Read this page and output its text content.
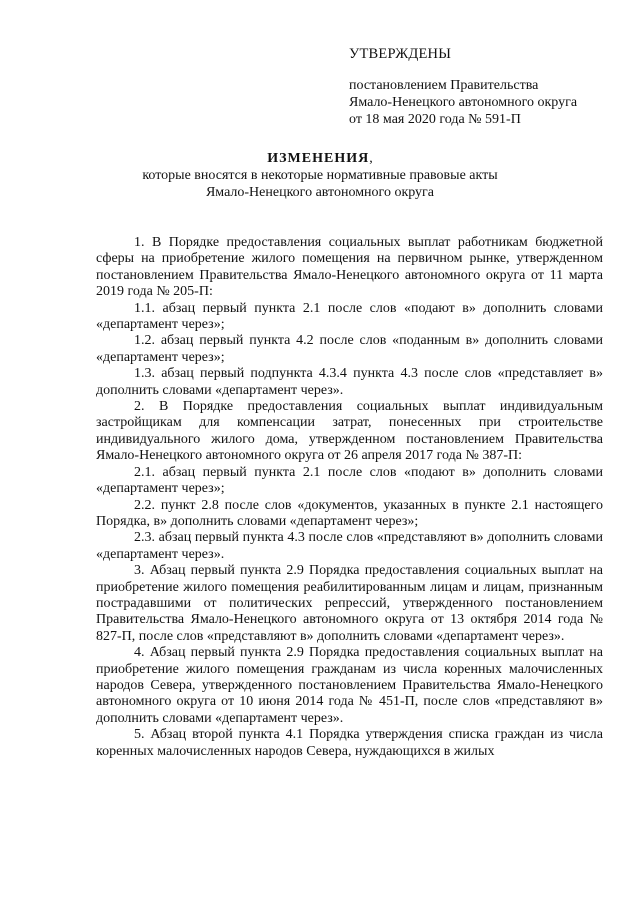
УТВЕРЖДЕНЫ
постановлением Правительства
Ямало-Ненецкого автономного округа
от 18 мая 2020 года № 591-П
ИЗМЕНЕНИЯ,
которые вносятся в некоторые нормативные правовые акты
Ямало-Ненецкого автономного округа

1. В Порядке предоставления социальных выплат работникам бюджетной сферы на приобретение жилого помещения на первичном рынке, утвержденном постановлением Правительства Ямало-Ненецкого автономного округа от 11 марта 2019 года № 205-П:

1.1. абзац первый пункта 2.1 после слов «подают в» дополнить словами «департамент через»;

1.2. абзац первый пункта 4.2 после слов «поданным в» дополнить словами «департамент через»;

1.3. абзац первый подпункта 4.3.4 пункта 4.3 после слов «представляет в» дополнить словами «департамент через».

2. В Порядке предоставления социальных выплат индивидуальным застройщикам для компенсации затрат, понесенных при строительстве индивидуального жилого дома, утвержденном постановлением Правительства Ямало-Ненецкого автономного округа от 26 апреля 2017 года № 387-П:

2.1. абзац первый пункта 2.1 после слов «подают в» дополнить словами «департамент через»;

2.2. пункт 2.8 после слов «документов, указанных в пункте 2.1 настоящего Порядка, в» дополнить словами «департамент через»;

2.3. абзац первый пункта 4.3 после слов «представляют в» дополнить словами «департамент через».

3. Абзац первый пункта 2.9 Порядка предоставления социальных выплат на приобретение жилого помещения реабилитированным лицам и лицам, признанным пострадавшими от политических репрессий, утвержденного постановлением Правительства Ямало-Ненецкого автономного округа от 13 октября 2014 года № 827-П, после слов «представляют в» дополнить словами «департамент через».

4. Абзац первый пункта 2.9 Порядка предоставления социальных выплат на приобретение жилого помещения гражданам из числа коренных малочисленных народов Севера, утвержденного постановлением Правительства Ямало-Ненецкого автономного округа от 10 июня 2014 года № 451-П, после слов «представляют в» дополнить словами «департамент через».

5. Абзац второй пункта 4.1 Порядка утверждения списка граждан из числа коренных малочисленных народов Севера, нуждающихся в жилых
